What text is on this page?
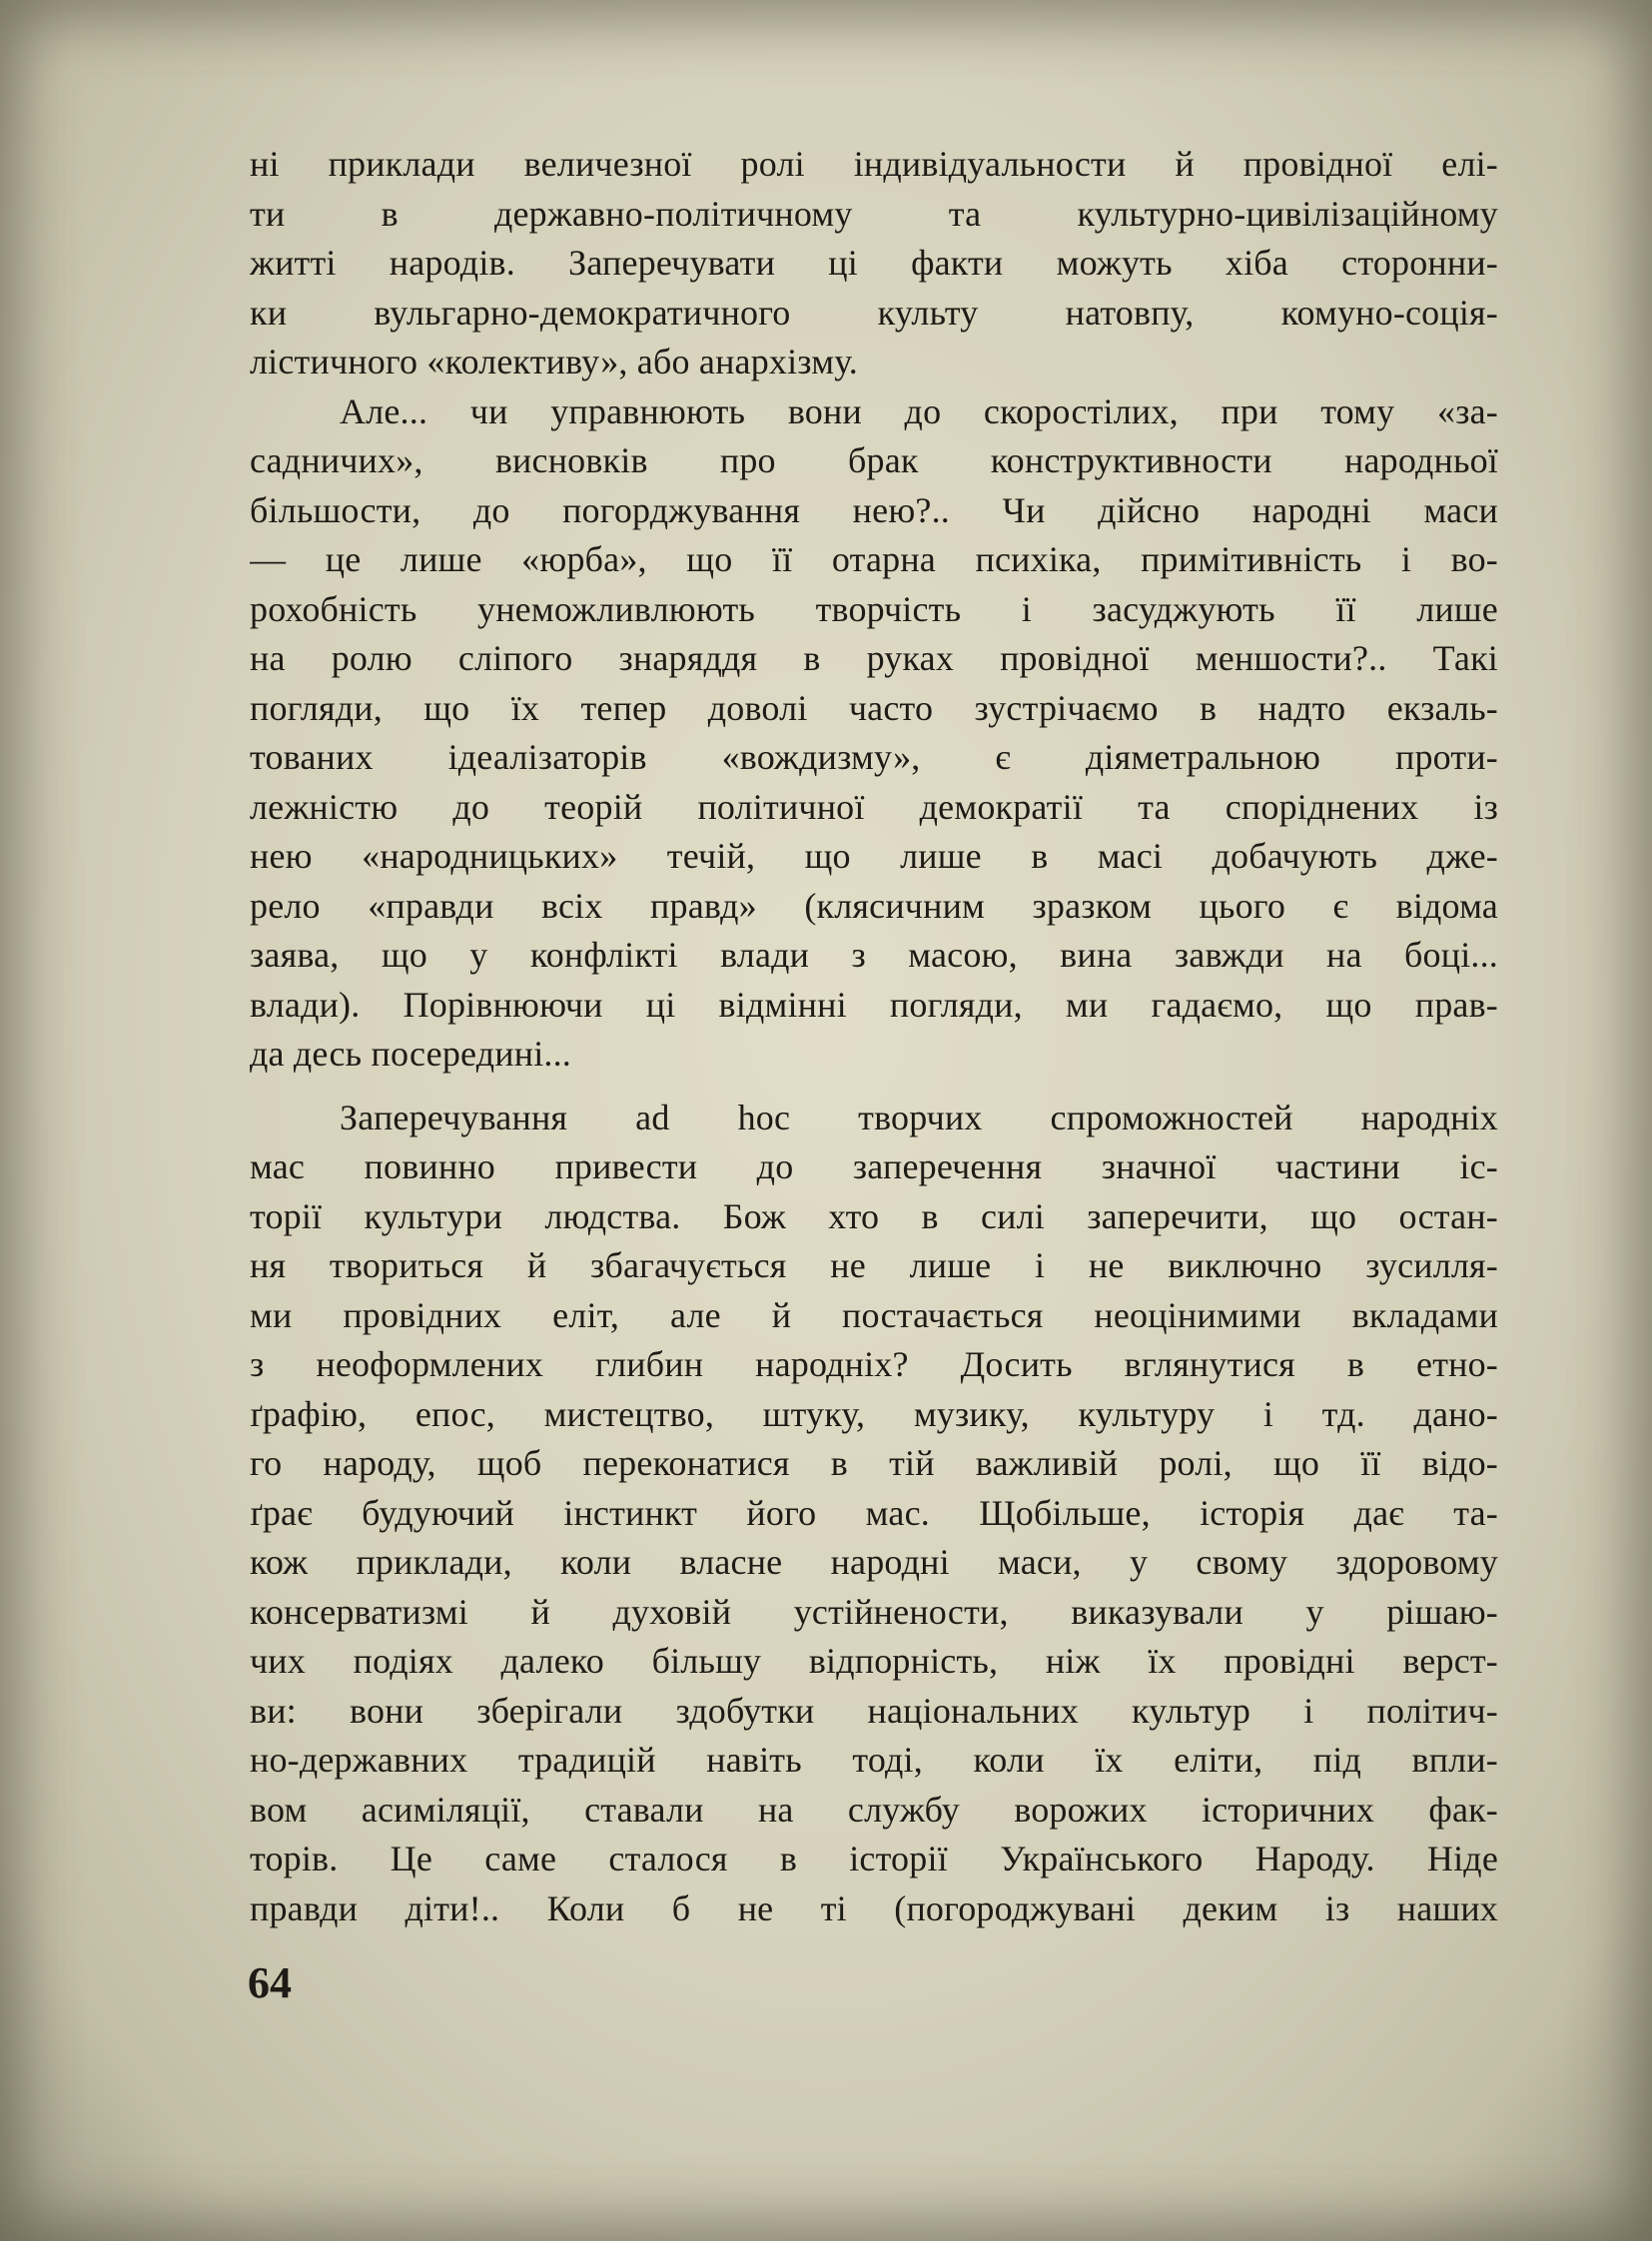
ні приклади величезної ролі індивідуальности й провідної елі-
ти в державно-політичному та культурно-цивілізаційному
житті народів. Заперечувати ці факти можуть хіба сторонни-
ки вульгарно-демократичного культу натовпу, комуно-соція-
лістичного «колективу», або анархізму.

Але... чи управнюють вони до скоростілих, при тому «за-
садничих», висновків про брак конструктивности народньої
більшости, до погорджування нею?.. Чи дійсно народні маси
— це лише «юрба», що її отарна психіка, примітивність і во-
рохобність унеможливлюють творчість і засуджують її лише
на ролю сліпого знаряддя в руках провідної меншости?.. Такі
погляди, що їх тепер доволі часто зустрічаємо в надто екзаль-
тованих ідеалізаторів «вождизму», є діяметральною проти-
лежністю до теорій політичної демократії та споріднених із
нею «народницьких» течій, що лише в масі добачують дже-
рело «правди всіх правд» (клясичним зразком цього є відома
заява, що у конфлікті влади з масою, вина завжди на боці...
влади). Порівнюючи ці відмінні погляди, ми гадаємо, що прав-
да десь посередині...

Заперечування ad hoc творчих спроможностей народніх
мас повинно привести до заперечення значної частини іс-
торії культури людства. Бож хто в силі заперечити, що остан-
ня твориться й збагачується не лише і не виключно зусилля-
ми провідних еліт, але й постачається неоцінимими вкладами
з неоформлених глибин народніх? Досить вглянутися в етно-
ґрафію, епос, мистецтво, штуку, музику, культуру і тд. дано-
го народу, щоб переконатися в тій важливій ролі, що її відо-
ґрає будуючий інстинкт його мас. Щобільше, історія дає та-
кож приклади, коли власне народні маси, у свому здоровому
консерватизмі й духовій устійнености, виказували у рішаю-
чих подіях далеко більшу відпорність, ніж їх провідні верст-
ви: вони зберігали здобутки національних культур і політич-
но-державних традицій навіть тоді, коли їх еліти, під впли-
вом асиміляції, ставали на службу ворожих історичних фак-
торів. Це саме сталося в історії Українського Народу. Ніде
правди діти!.. Коли б не ті (погороджувані деким із наших

64
